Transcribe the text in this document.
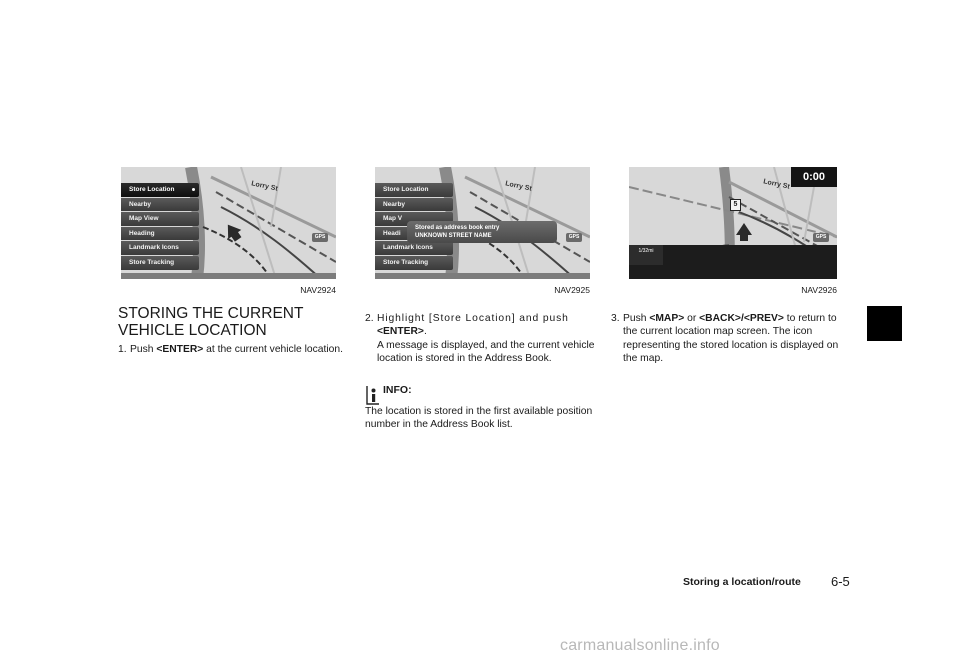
Store Location
Nearby
Map View
Heading
Landmark Icons
Store Tracking
Lorry St
GPS
NAV2924
Store Location
Nearby
Map V
Headi
Landmark Icons
Store Tracking
Lorry St
Stored as address book entry
UNKNOWN STREET NAME	GPS
NAV2925
1/32mi
5
Lorry St
0:00
GPS
NAV2926
STORING THE CURRENT VEHICLE LOCATION
1. Push <ENTER> at the current vehicle location.
2. Highlight [Store Location] and push
<ENTER>.
A message is displayed, and the current vehicle location is stored in the Address Book.
INFO:
The location is stored in the first available position number in the Address Book list.
3. Push <MAP> or <BACK>/<PREV> to return to the current location map screen. The icon representing the stored location is displayed on the map.
Storing a location/route 6-5
carmanualsonline.info
